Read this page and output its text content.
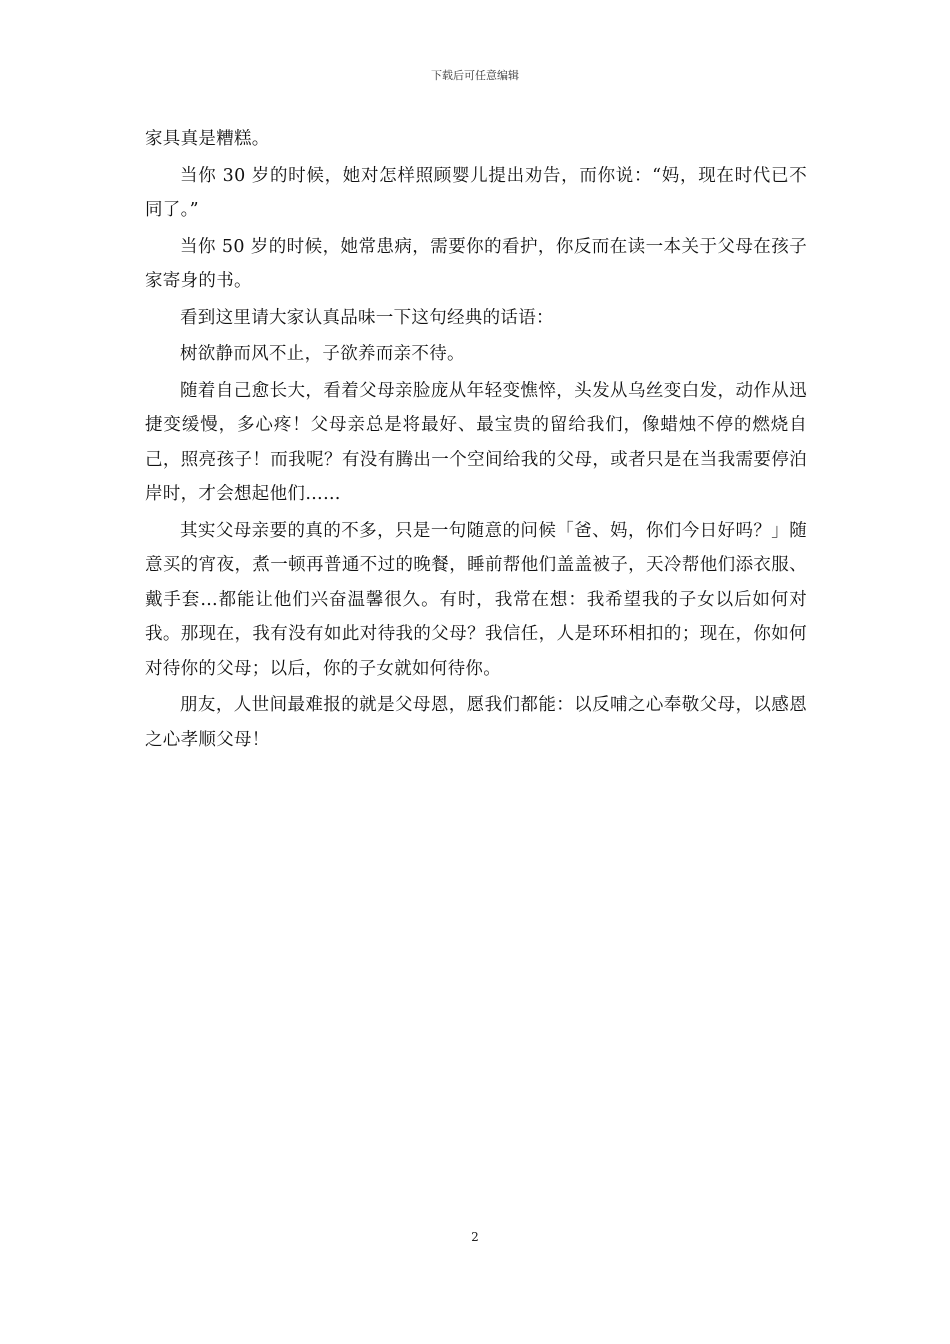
下载后可任意编辑

家具真是糟糕。

当你 30 岁的时候，她对怎样照顾婴儿提出劝告，而你说：“妈，现在时代已不同了。”

当你 50 岁的时候，她常患病，需要你的看护，你反而在读一本关于父母在孩子家寄身的书。

看到这里请大家认真品味一下这句经典的话语：

树欲静而风不止，子欲养而亲不待。

随着自己愈长大，看着父母亲脸庞从年轻变憔悴，头发从乌丝变白发，动作从迅捷变缓慢，多心疼！父母亲总是将最好、最宝贵的留给我们，像蜡烛不停的燃烧自己，照亮孩子！而我呢？有没有腾出一个空间给我的父母，或者只是在当我需要停泊岸时，才会想起他们……

其实父母亲要的真的不多，只是一句随意的问候「爸、妈，你们今日好吗？」随意买的宵夜，煮一顿再普通不过的晚餐，睡前帮他们盖盖被子，天冷帮他们添衣服、戴手套…都能让他们兴奋温馨很久。有时，我常在想：我希望我的子女以后如何对我。那现在，我有没有如此对待我的父母？我信任，人是环环相扣的；现在，你如何对待你的父母；以后，你的子女就如何待你。

朋友，人世间最难报的就是父母恩，愿我们都能：以反哺之心奉敬父母，以感恩之心孝顺父母！

2
